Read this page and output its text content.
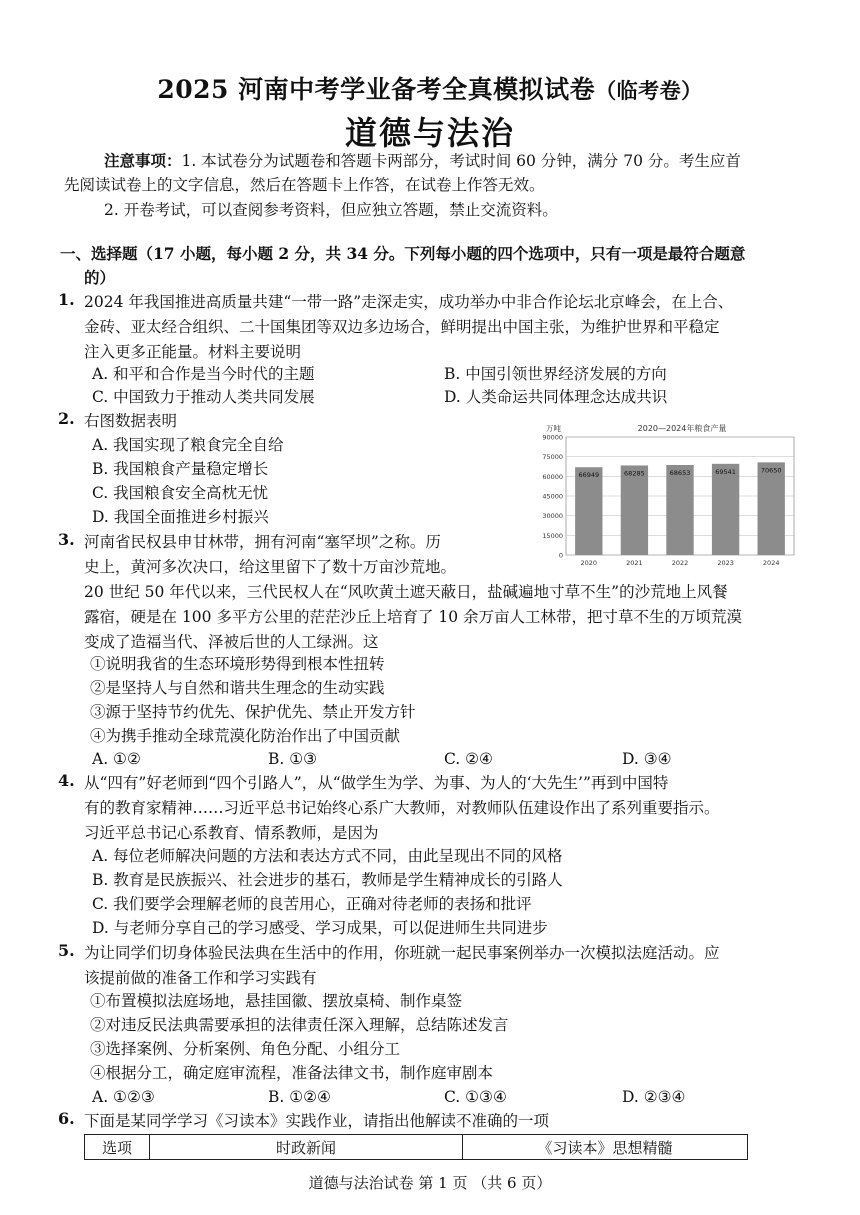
2025 河南中考学业备考全真模拟试卷（临考卷）
道德与法治
注意事项：1. 本试卷分为试题卷和答题卡两部分，考试时间 60 分钟，满分 70 分。考生应首
先阅读试卷上的文字信息，然后在答题卡上作答，在试卷上作答无效。
2. 开卷考试，可以查阅参考资料，但应独立答题，禁止交流资料。
一、选择题（17 小题，每小题 2 分，共 34 分。下列每小题的四个选项中，只有一项是最符合题意
的）
1. 2024 年我国推进高质量共建“一带一路”走深走实，成功举办中非合作论坛北京峰会，在上合、
金砖、亚太经合组织、二十国集团等双边多边场合，鲜明提出中国主张，为维护世界和平稳定
注入更多正能量。材料主要说明
A. 和平和合作是当今时代的主题	B. 中国引领世界经济发展的方向
C. 中国致力于推动人类共同发展	D. 人类命运共同体理念达成共识
2. 右图数据表明
A. 我国实现了粮食完全自给
B. 我国粮食产量稳定增长
C. 我国粮食安全高枕无忧
D. 我国全面推进乡村振兴
万吨	2020—2024年粮食产量
0
15000
30000
45000
60000
75000
90000
66949
2020
68285
2021
68653
2022
69541
2023
70650
2024
3. 河南省民权县申甘林带，拥有河南“塞罕坝”之称。历
史上，黄河多次决口，给这里留下了数十万亩沙荒地。
20 世纪 50 年代以来，三代民权人在“风吹黄土遮天蔽日，盐碱遍地寸草不生”的沙荒地上风餐
露宿，硬是在 100 多平方公里的茫茫沙丘上培育了 10 余万亩人工林带，把寸草不生的万顷荒漠
变成了造福当代、泽被后世的人工绿洲。这
①说明我省的生态环境形势得到根本性扭转
②是坚持人与自然和谐共生理念的生动实践
③源于坚持节约优先、保护优先、禁止开发方针
④为携手推动全球荒漠化防治作出了中国贡献
A. ①②	B. ①③	C. ②④	D. ③④
4. 从“四有”好老师到“四个引路人”，从“做学生为学、为事、为人的‘大先生’”再到中国特
有的教育家精神……习近平总书记始终心系广大教师，对教师队伍建设作出了系列重要指示。
习近平总书记心系教育、情系教师，是因为
A. 每位老师解决问题的方法和表达方式不同，由此呈现出不同的风格
B. 教育是民族振兴、社会进步的基石，教师是学生精神成长的引路人
C. 我们要学会理解老师的良苦用心，正确对待老师的表扬和批评
D. 与老师分享自己的学习感受、学习成果，可以促进师生共同进步
5. 为让同学们切身体验民法典在生活中的作用，你班就一起民事案例举办一次模拟法庭活动。应
该提前做的准备工作和学习实践有
①布置模拟法庭场地，悬挂国徽、摆放桌椅、制作桌签
②对违反民法典需要承担的法律责任深入理解，总结陈述发言
③选择案例、分析案例、角色分配、小组分工
④根据分工，确定庭审流程，准备法律文书，制作庭审剧本
A. ①②③	B. ①②④	C. ①③④	D. ②③④
6. 下面是某同学学习《习读本》实践作业，请指出他解读不准确的一项
选项	时政新闻	《习读本》思想精髓
道德与法治试卷 第 1 页 （共 6 页）
